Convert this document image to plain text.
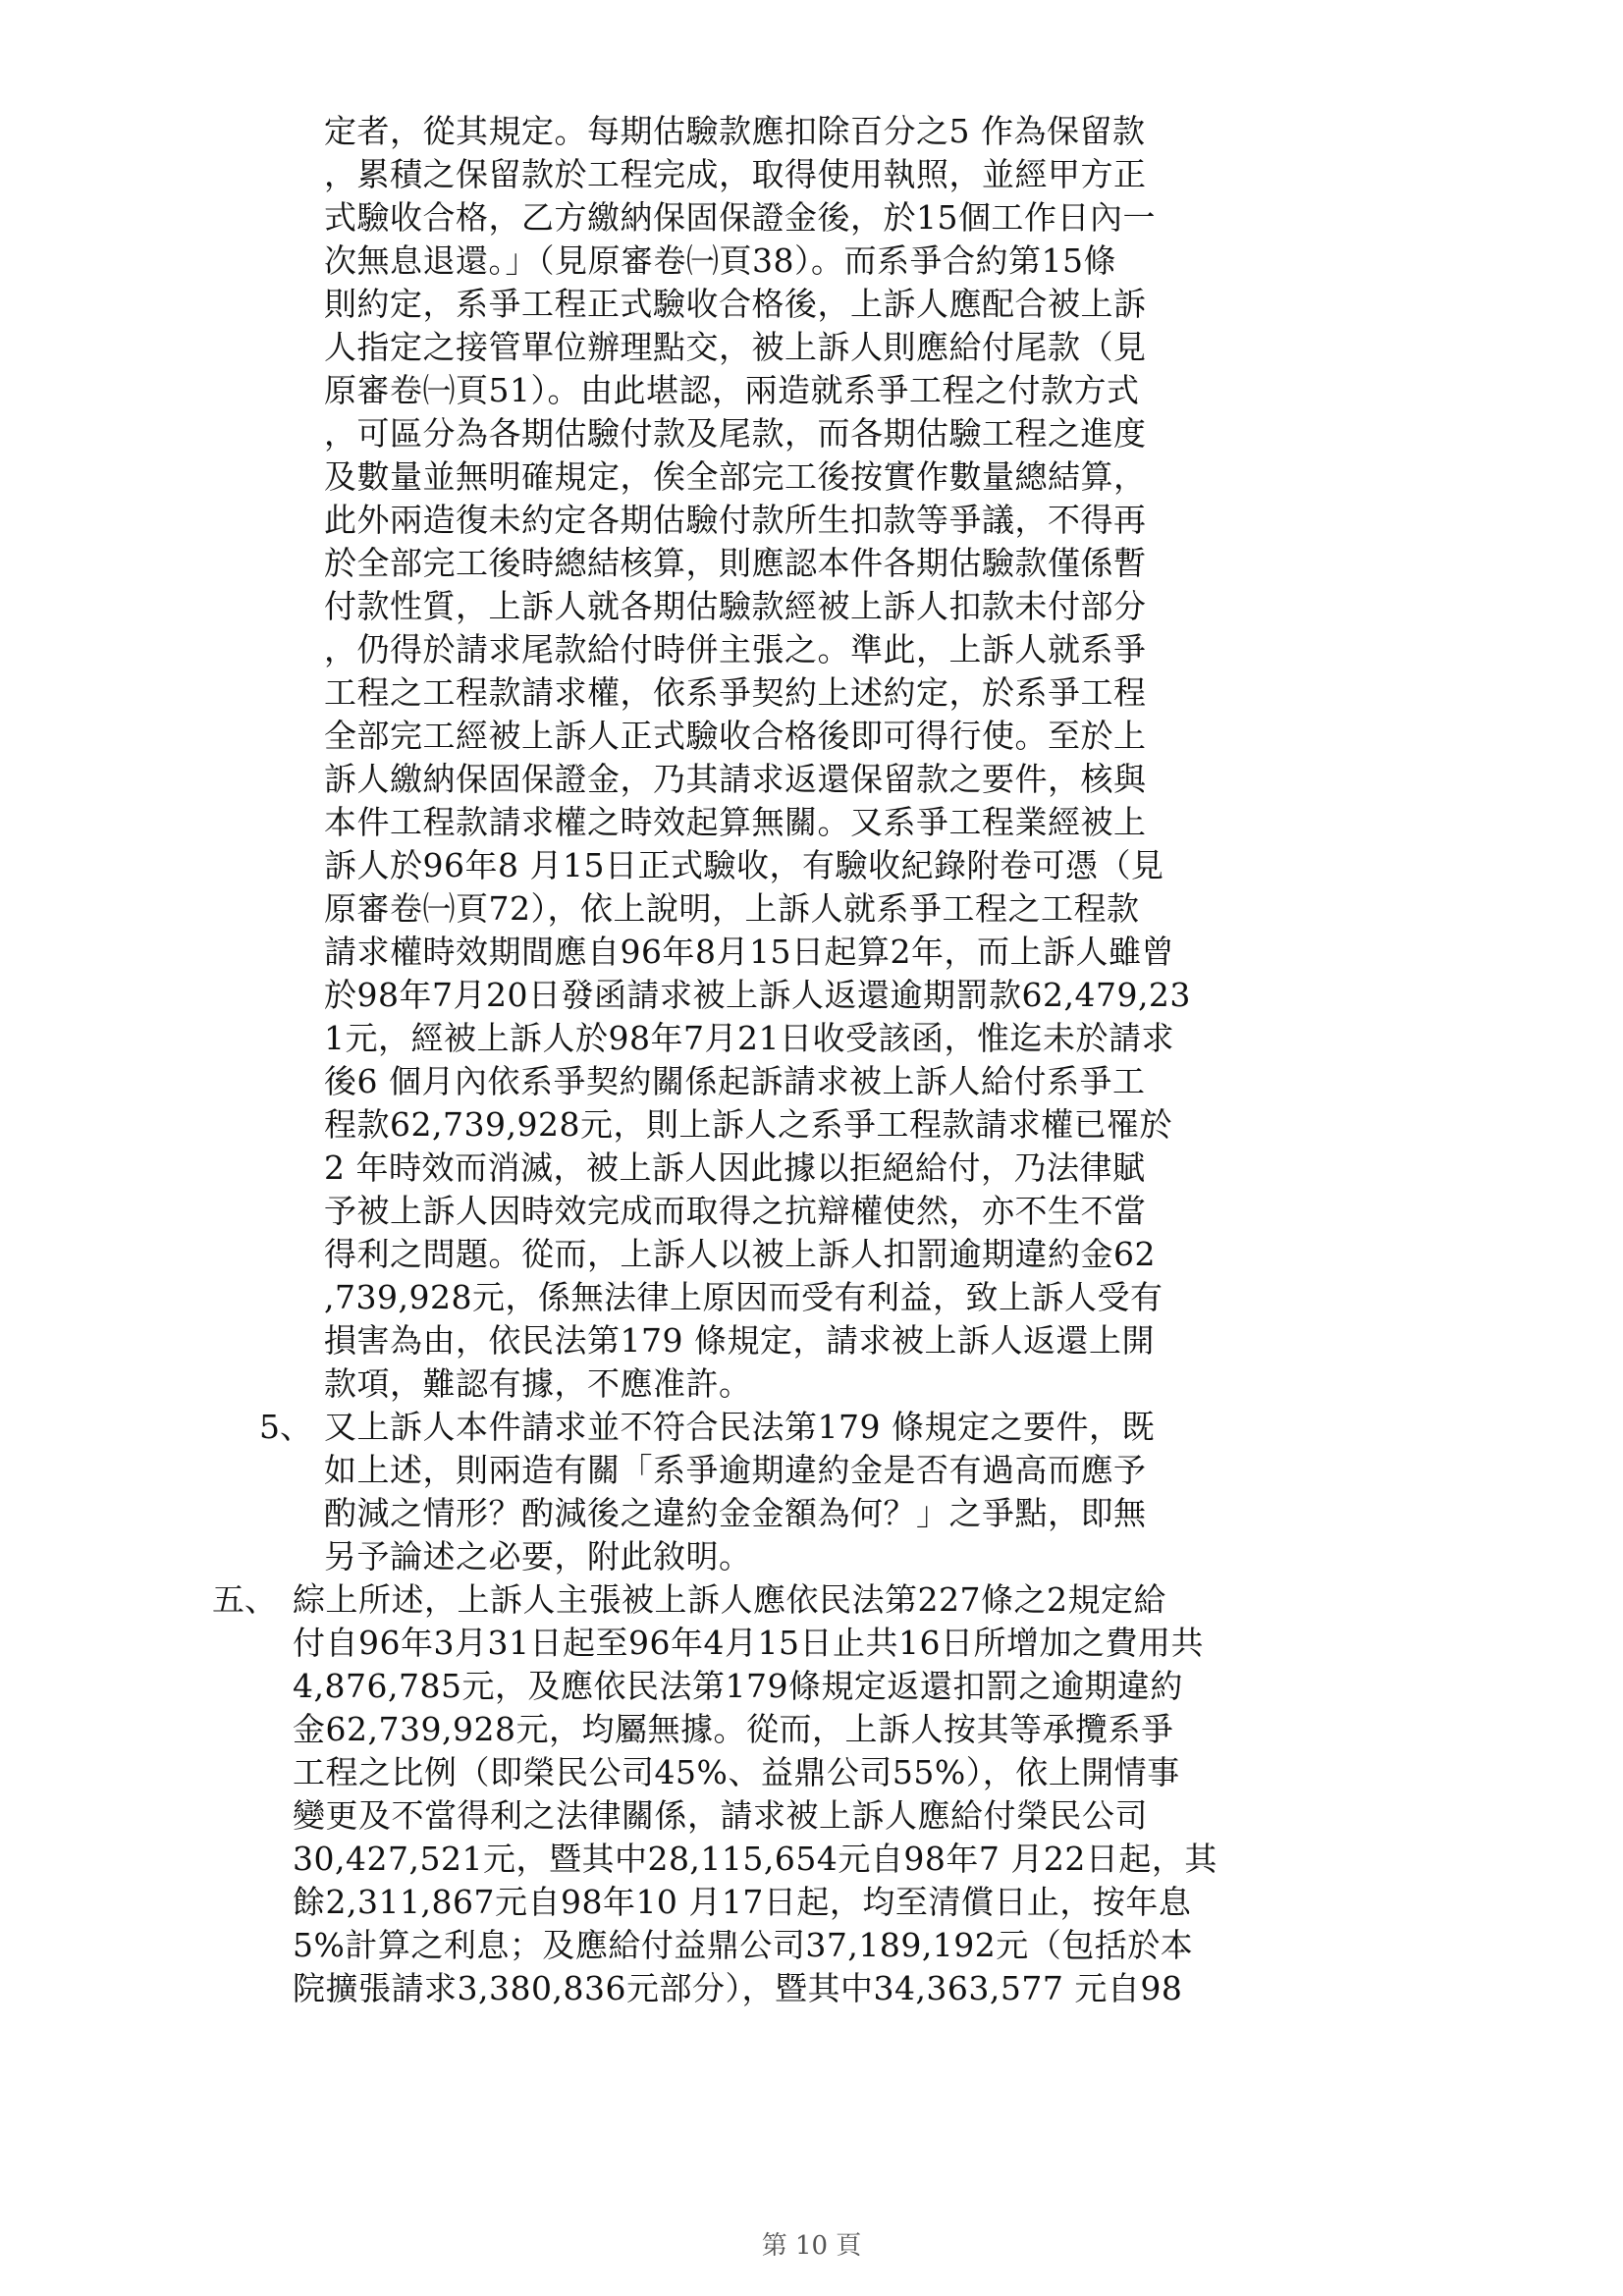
定者，從其規定。每期估驗款應扣除百分之5 作為保留款
，累積之保留款於工程完成，取得使用執照，並經甲方正
式驗收合格，乙方繳納保固保證金後，於15個工作日內一
次無息退還。」（見原審卷㈠頁38）。而系爭合約第15條
則約定，系爭工程正式驗收合格後，上訴人應配合被上訴
人指定之接管單位辦理點交，被上訴人則應給付尾款（見
原審卷㈠頁51）。由此堪認，兩造就系爭工程之付款方式
，可區分為各期估驗付款及尾款，而各期估驗工程之進度
及數量並無明確規定，俟全部完工後按實作數量總結算，
此外兩造復未約定各期估驗付款所生扣款等爭議，不得再
於全部完工後時總結核算，則應認本件各期估驗款僅係暫
付款性質，上訴人就各期估驗款經被上訴人扣款未付部分
，仍得於請求尾款給付時併主張之。準此，上訴人就系爭
工程之工程款請求權，依系爭契約上述約定，於系爭工程
全部完工經被上訴人正式驗收合格後即可得行使。至於上
訴人繳納保固保證金，乃其請求返還保留款之要件，核與
本件工程款請求權之時效起算無關。又系爭工程業經被上
訴人於96年8 月15日正式驗收，有驗收紀錄附卷可憑（見
原審卷㈠頁72），依上說明，上訴人就系爭工程之工程款
請求權時效期間應自96年8月15日起算2年，而上訴人雖曾
於98年7月20日發函請求被上訴人返還逾期罰款62,479,23
1元，經被上訴人於98年7月21日收受該函，惟迄未於請求
後6 個月內依系爭契約關係起訴請求被上訴人給付系爭工
程款62,739,928元，則上訴人之系爭工程款請求權已罹於
2 年時效而消滅，被上訴人因此據以拒絕給付，乃法律賦
予被上訴人因時效完成而取得之抗辯權使然，亦不生不當
得利之問題。從而，上訴人以被上訴人扣罰逾期違約金62
,739,928元，係無法律上原因而受有利益，致上訴人受有
損害為由，依民法第179 條規定，請求被上訴人返還上開
款項，難認有據，不應准許。
又上訴人本件請求並不符合民法第179 條規定之要件，既
如上述，則兩造有關「系爭逾期違約金是否有過高而應予
酌減之情形？酌減後之違約金金額為何？」之爭點，即無
另予論述之必要，附此敘明。
綜上所述，上訴人主張被上訴人應依民法第227條之2規定給
付自96年3月31日起至96年4月15日止共16日所增加之費用共
4,876,785元，及應依民法第179條規定返還扣罰之逾期違約
金62,739,928元，均屬無據。從而，上訴人按其等承攬系爭
工程之比例（即榮民公司45%、益鼎公司55%），依上開情事
變更及不當得利之法律關係，請求被上訴人應給付榮民公司
30,427,521元，暨其中28,115,654元自98年7 月22日起，其
餘2,311,867元自98年10 月17日起，均至清償日止，按年息
5%計算之利息；及應給付益鼎公司37,189,192元（包括於本
院擴張請求3,380,836元部分），暨其中34,363,577 元自98
5、
五、
第 10 頁
